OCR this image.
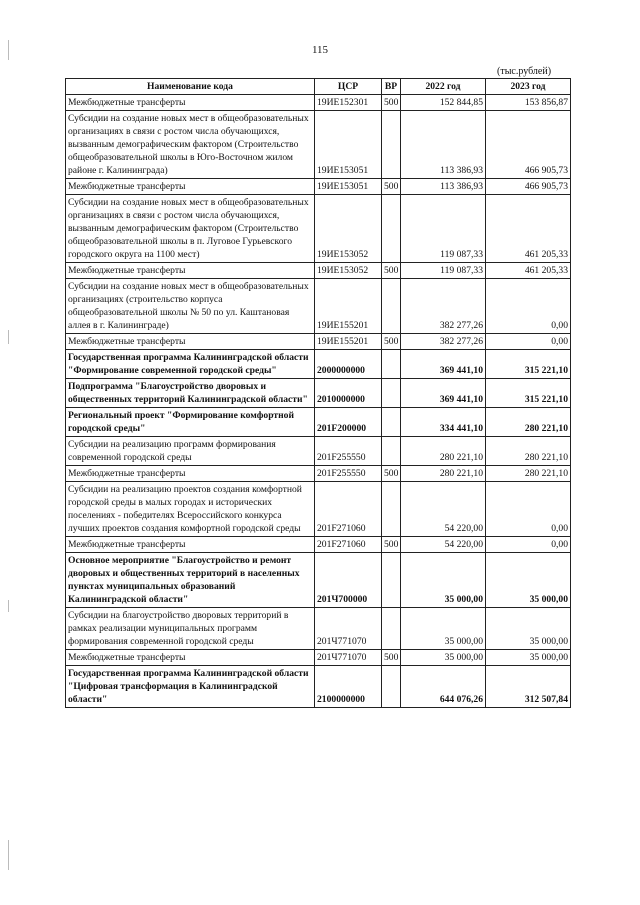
115
(тыс.рублей)
Наименование кода	ЦСР	ВР	2022 год	2023 год
Межбюджетные трансферты	19ИЕ152301	500	152 844,85	153 856,87
Субсидии на создание новых мест в общеобразовательных организациях в связи с ростом числа обучающихся, вызванным демографическим фактором (Строительство общеобразовательной школы в Юго-Восточном жилом районе г. Калининграда)	19ИЕ153051		113 386,93	466 905,73
Межбюджетные трансферты	19ИЕ153051	500	113 386,93	466 905,73
Субсидии на создание новых мест в общеобразовательных организациях в связи с ростом числа обучающихся, вызванным демографическим фактором (Строительство общеобразовательной школы в п. Луговое Гурьевского городского округа на 1100 мест)	19ИЕ153052		119 087,33	461 205,33
Межбюджетные трансферты	19ИЕ153052	500	119 087,33	461 205,33
Субсидии на создание новых мест в общеобразовательных организациях (строительство корпуса общеобразовательной школы № 50 по ул. Каштановая аллея в г. Калининграде)	19ИЕ155201		382 277,26	0,00
Межбюджетные трансферты	19ИЕ155201	500	382 277,26	0,00
Государственная программа Калининградской области "Формирование современной городской среды"	2000000000		369 441,10	315 221,10
Подпрограмма "Благоустройство дворовых и общественных территорий Калининградской области"	2010000000		369 441,10	315 221,10
Региональный проект "Формирование комфортной городской среды"	201F200000		334 441,10	280 221,10
Субсидии на реализацию программ формирования современной городской среды	201F255550		280 221,10	280 221,10
Межбюджетные трансферты	201F255550	500	280 221,10	280 221,10
Субсидии на реализацию проектов создания комфортной городской среды в малых городах и исторических поселениях - победителях Всероссийского конкурса лучших проектов создания комфортной городской среды	201F271060		54 220,00	0,00
Межбюджетные трансферты	201F271060	500	54 220,00	0,00
Основное мероприятие "Благоустройство и ремонт дворовых и общественных территорий в населенных пунктах муниципальных образований Калининградской области"	201Ч700000		35 000,00	35 000,00
Субсидии на благоустройство дворовых территорий в рамках реализации муниципальных программ формирования современной городской среды	201Ч771070		35 000,00	35 000,00
Межбюджетные трансферты	201Ч771070	500	35 000,00	35 000,00
Государственная программа Калининградской области "Цифровая трансформация в Калининградской области"	2100000000		644 076,26	312 507,84
